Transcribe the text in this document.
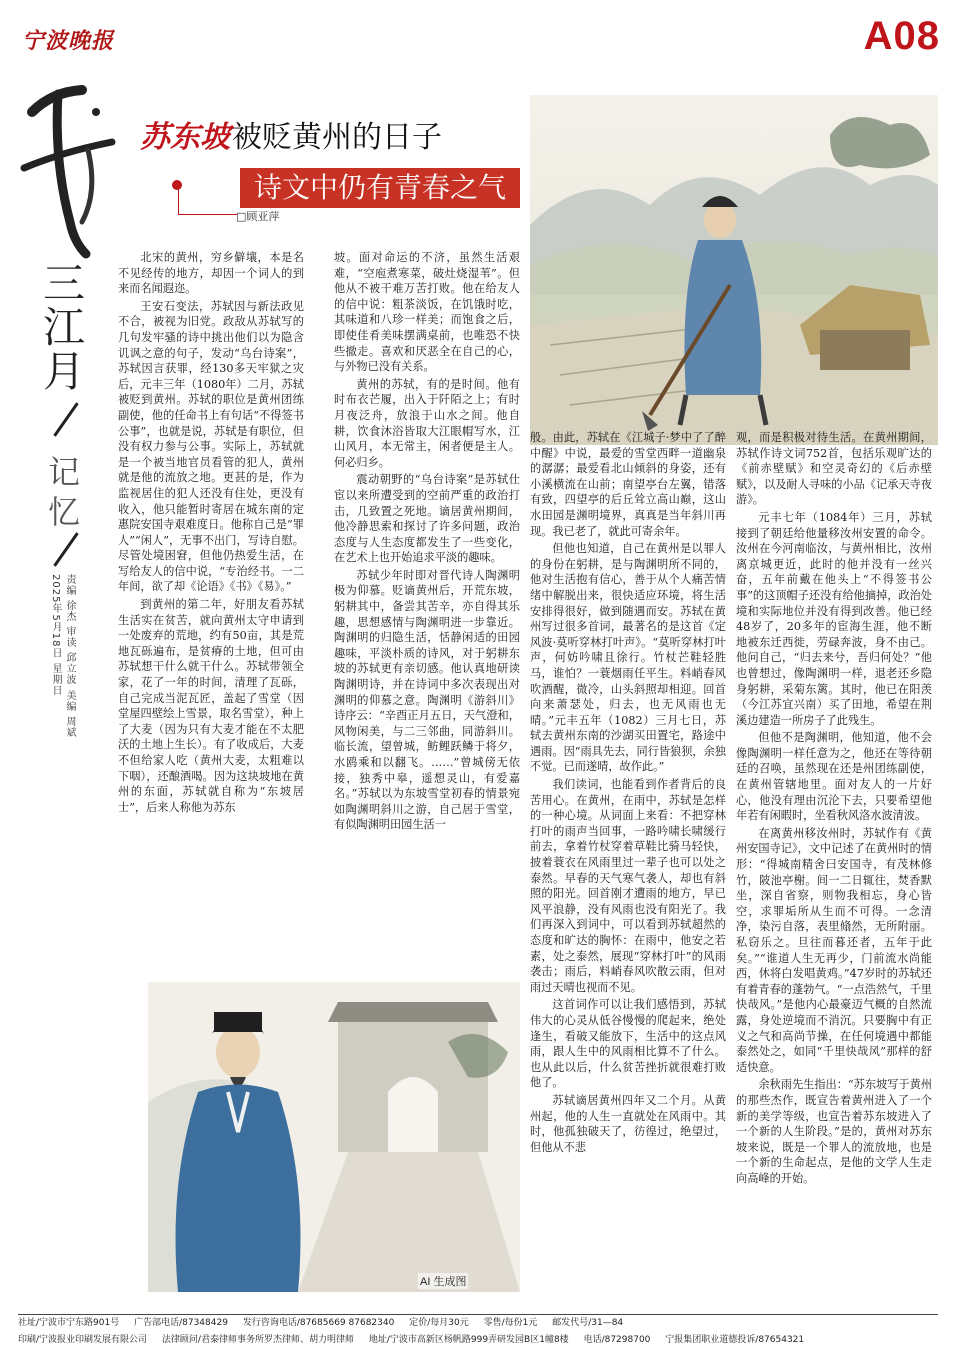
宁波晚报	A08
三
江
月
记
忆
责编 徐杰 审读 邱立波 美编 周斌
2025年5月18日 星期日
苏东坡被贬黄州的日子
诗文中仍有青春之气
□顾亚萍

北宋的黄州，穷乡僻壤，本是名不见经传的地方，却因一个词人的到来而名闻遐迩。

王安石变法，苏轼因与新法政见不合，被视为旧党。政敌从苏轼写的几句发牢骚的诗中挑出他们以为隐含讥讽之意的句子，发动“乌台诗案”，苏轼因言获罪，经130多天牢狱之灾后，元丰三年（1080年）二月，苏轼被贬到黄州。苏轼的职位是黄州团练副使，他的任命书上有句话“不得签书公事”，也就是说，苏轼是有职位，但没有权力参与公事。实际上，苏轼就是一个被当地官员看管的犯人，黄州就是他的流放之地。更甚的是，作为监视居住的犯人还没有住处，更没有收入，他只能暂时寄居在城东南的定惠院安国寺艰难度日。他称自己是“罪人”“闲人”，无事不出门，写诗自慰。尽管处境困窘，但他仍热爱生活，在写给友人的信中说，“专治经书。一二年间，欲了却《论语》《书》《易》。”

到黄州的第二年，好朋友看苏轼生活实在贫苦，就向黄州太守申请到一处废弃的荒地，约有50亩，其是荒地瓦砾遍布，是贫瘠的土地，但可由苏轼想干什么就干什么。苏轼带领全家，花了一年的时间，清理了瓦砾，自己完成当泥瓦匠，盖起了雪堂（因堂屋四壁绘上雪景，取名雪堂），种上了大麦（因为只有大麦才能在不太肥沃的土地上生长）。有了收成后，大麦不但给家人吃（黄州大麦，太粗难以下咽），还酿酒喝。因为这块坡地在黄州的东面，苏轼就自称为“东坡居士”，后来人称他为苏东

坡。面对命运的不济，虽然生活艰难，“空庖煮寒菜，破灶烧湿苇”。但他从不被干难万苦打败。他在给友人的信中说：粗茶淡饭，在饥饿时吃，其味道和八珍一样美；而饱食之后，即使佳肴美味摆满桌前，也唯恐不快些撤走。喜欢和厌恶全在自己的心，与外物已没有关系。

黄州的苏轼，有的是时间。他有时布衣芒履，出入于阡陌之上；有时月夜泛舟，放浪于山水之间。他自耕，饮食沐浴皆取大江眼帽写水，江山风月，本无常主，闲者便是主人。何必归乡。

震动朝野的“乌台诗案”是苏轼仕宦以来所遭受到的空前严重的政治打击，几致置之死地。谪居黄州期间，他冷静思索和探讨了许多问题，政治态度与人生态度都发生了一些变化，在艺术上也开始追求平淡的趣味。

苏轼少年时即对晋代诗人陶渊明极为仰慕。贬谪黄州后，开荒东坡，躬耕其中，备尝其苦辛，亦自得其乐趣，思想感情与陶渊明进一步靠近。陶渊明的归隐生活，恬静闲适的田园趣味，平淡朴质的诗风，对于躬耕东坡的苏轼更有亲切感。他认真地研读陶渊明诗，并在诗词中多次表现出对渊明的仰慕之意。陶渊明《游斜川》诗序云：“辛酉正月五日，天气澄和，风物闲美，与二三邻曲，同游斜川。临长流，望曾城，鲂鲤跃鳞于将夕，水鸥乘和以翻飞。……”曾城傍无依接，独秀中皋，遥想灵山，有爱嘉名。”苏轼以为东坡雪堂初春的情景宛如陶渊明斜川之游，自己居于雪堂，有似陶渊明田园生活一

般。由此，苏轼在《江城子·梦中了了醉中醒》中说，最爱的雪堂西畔一道幽泉的潺潺；最爱看北山倾斜的身姿，还有小溪横流在山前；南望亭台左翼，错落有致，四望亭的后丘耸立高山巅，这山水田园是渊明境界，真真是当年斜川再现。我已老了，就此可寄余年。

但他也知道，自己在黄州是以罪人的身份在躬耕，是与陶渊明所不同的，他对生活抱有信心，善于从个人痛苦情绪中解脱出来，很快适应环境，将生活安排得很好，做到随遇而安。苏轼在黄州写过很多首词，最著名的是这首《定风波·莫听穿林打叶声》。“莫听穿林打叶声，何妨吟啸且徐行。竹杖芒鞋轻胜马，谁怕？一蓑烟雨任平生。料峭春风吹酒醒，微冷，山头斜照却相迎。回首向来萧瑟处，归去，也无风雨也无晴。”元丰五年（1082）三月七日，苏轼去黄州东南的沙湖买田置宅，路途中遇雨。因“雨具先去，同行皆狼狈，余独不觉。已而遂晴，故作此。”

我们读词，也能看到作者背后的良苦用心。在黄州，在雨中，苏轼是怎样的一种心境。从词面上来看：不把穿林打叶的雨声当回事，一路吟啸长啸缓行前去，拿着竹杖穿着草鞋比骑马轻快，披着蓑衣在风雨里过一辈子也可以处之泰然。早春的天气寒气袭人，却也有斜照的阳光。回首刚才遭雨的地方，早已风平浪静，没有风雨也没有阳光了。我们再深入到词中，可以看到苏轼超然的态度和旷达的胸怀：在雨中，他安之若素，处之泰然，展现“穿林打叶”的风雨袭击；雨后，料峭春风吹散云雨，但对雨过天晴也视而不见。

这首词作可以让我们感悟到，苏轼伟大的心灵从低谷慢慢的爬起来，绝处逢生，看破又能放下，生活中的这点风雨，跟人生中的风雨相比算不了什么。也从此以后，什么贫苦挫折就很难打败他了。

苏轼谪居黄州四年又二个月。从黄州起，他的人生一直就处在风雨中。其时，他孤独破天了，彷徨过，绝望过，但他从不悲

观，而是积极对待生活。在黄州期间，苏轼作诗文词752首，包括乐观旷达的《前赤壁赋》和空灵奇幻的《后赤壁赋》，以及耐人寻味的小品《记承天寺夜游》。

元丰七年（1084年）三月，苏轼接到了朝廷给他量移汝州安置的命令。汝州在今河南临汝，与黄州相比，汝州离京城更近，此时的他并没有一丝兴奋，五年前戴在他头上“不得签书公事”的这顶帽子还没有给他摘掉，政治处境和实际地位并没有得到改善。他已经48岁了，20多年的宦海生涯，他不断地被东迁西徙，劳碌奔波，身不由己。他问自己，“归去来兮，吾归何处？”他也曾想过，像陶渊明一样，退老还乡隐身躬耕，采菊东篱。其时，他已在阳羡（今江苏宜兴南）买了田地，希望在荆溪边建造一所房子了此残生。

但他不是陶渊明，他知道，他不会像陶渊明一样任意为之，他还在等待朝廷的召唤，虽然现在还是州团练副使，在黄州管辖地里。面对友人的一片好心，他没有理由沉沦下去，只要希望他年若有闲暇时，坐看秋风洛水波清波。

在离黄州移汝州时，苏轼作有《黄州安国寺记》，文中记述了在黄州时的情形：“得城南精舍曰安国寺，有茂林修竹，陂池亭榭。间一二日辄往，焚香默坐，深自省察，则物我相忘，身心皆空，求罪垢所从生而不可得。一念清净，染污自落，表里翛然，无所附丽。私窃乐之。旦往而暮还者，五年于此矣。”“谁道人生无再少，门前流水尚能西，休将白发唱黄鸡。”47岁时的苏轼还有着青春的蓬勃气。“一点浩然气，千里快哉风。”是他内心最豪迈气概的自然流露，身处逆境而不消沉。只要胸中有正义之气和高尚节操，在任何境遇中都能泰然处之，如同“千里快哉风”那样的舒适快意。

余秋雨先生指出：“苏东坡写于黄州的那些杰作，既宣告着黄州进入了一个新的美学等级，也宣告着苏东坡进入了一个新的人生阶段。”是的，黄州对苏东坡来说，既是一个罪人的流放地，也是一个新的生命起点，是他的文学人生走向高峰的开始。

AI 生成图
社址/宁波市宁东路901号 广告部电话/87348429 发行咨询电话/87685669 87682340 定价/每月30元 零售/每份1元 邮发代号/31—84
印刷/宁波报业印刷发展有限公司 法律顾问/君泰律师事务所罗杰律师、胡力明律师 地址/宁波市高新区杨帆路999弄研发园B区1幢8楼 电话/87298700 宁报集团职业道德投诉/87654321
